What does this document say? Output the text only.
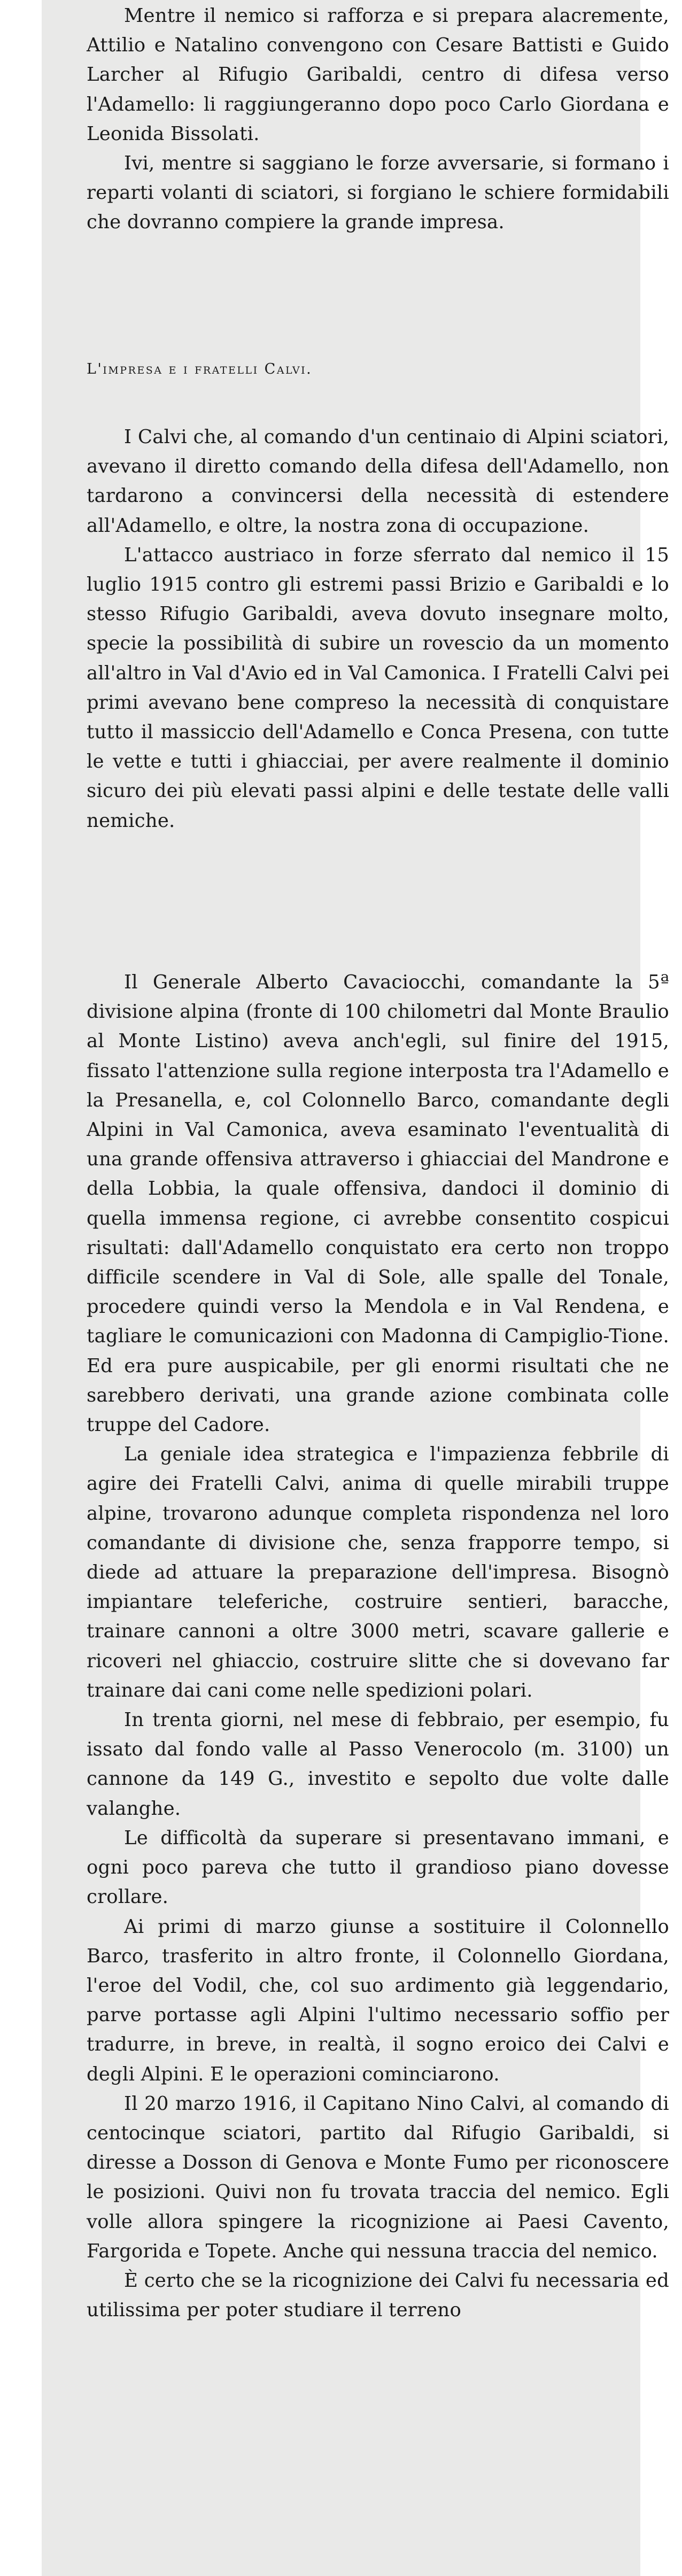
Mentre il nemico si rafforza e si prepara alacremente, Attilio e Natalino convengono con Cesare Battisti e Guido Larcher al Rifugio Garibaldi, centro di difesa verso l'Adamello: li raggiungeranno dopo poco Carlo Giordana e Leonida Bissolati.

Ivi, mentre si saggiano le forze avversarie, si formano i reparti volanti di sciatori, si forgiano le schiere formidabili che dovranno compiere la grande impresa.

L'impresa e i fratelli Calvi.

I Calvi che, al comando d'un centinaio di Alpini sciatori, avevano il diretto comando della difesa dell'Adamello, non tardarono a convincersi della necessità di estendere all'Adamello, e oltre, la nostra zona di occupazione.

L'attacco austriaco in forze sferrato dal nemico il 15 luglio 1915 contro gli estremi passi Brizio e Garibaldi e lo stesso Rifugio Garibaldi, aveva dovuto insegnare molto, specie la possibilità di subire un rovescio da un momento all'altro in Val d'Avio ed in Val Camonica. I Fratelli Calvi pei primi avevano bene compreso la necessità di conquistare tutto il massiccio dell'Adamello e Conca Presena, con tutte le vette e tutti i ghiacciai, per avere realmente il dominio sicuro dei più elevati passi alpini e delle testate delle valli nemiche.

Il Generale Alberto Cavaciocchi, comandante la 5ª divisione alpina (fronte di 100 chilometri dal Monte Braulio al Monte Listino) aveva anch'egli, sul finire del 1915, fissato l'attenzione sulla regione interposta tra l'Adamello e la Presanella, e, col Colonnello Barco, comandante degli Alpini in Val Camonica, aveva esaminato l'eventualità di una grande offensiva attraverso i ghiacciai del Mandrone e della Lobbia, la quale offensiva, dandoci il dominio di quella immensa regione, ci avrebbe consentito cospicui risultati: dall'Adamello conquistato era certo non troppo difficile scendere in Val di Sole, alle spalle del Tonale, procedere quindi verso la Mendola e in Val Rendena, e tagliare le comunicazioni con Madonna di Campiglio-Tione. Ed era pure auspicabile, per gli enormi risultati che ne sarebbero derivati, una grande azione combinata colle truppe del Cadore.

La geniale idea strategica e l'impazienza febbrile di agire dei Fratelli Calvi, anima di quelle mirabili truppe alpine, trovarono adunque completa rispondenza nel loro comandante di divisione che, senza frapporre tempo, si diede ad attuare la preparazione dell'impresa. Bisognò impiantare teleferiche, costruire sentieri, baracche, trainare cannoni a oltre 3000 metri, scavare gallerie e ricoveri nel ghiaccio, costruire slitte che si dovevano far trainare dai cani come nelle spedizioni polari.

In trenta giorni, nel mese di febbraio, per esempio, fu issato dal fondo valle al Passo Venerocolo (m. 3100) un cannone da 149 G., investito e sepolto due volte dalle valanghe.

Le difficoltà da superare si presentavano immani, e ogni poco pareva che tutto il grandioso piano dovesse crollare.

Ai primi di marzo giunse a sostituire il Colonnello Barco, trasferito in altro fronte, il Colonnello Giordana, l'eroe del Vodil, che, col suo ardimento già leggendario, parve portasse agli Alpini l'ultimo necessario soffio per tradurre, in breve, in realtà, il sogno eroico dei Calvi e degli Alpini. E le operazioni cominciarono.

Il 20 marzo 1916, il Capitano Nino Calvi, al comando di centocinque sciatori, partito dal Rifugio Garibaldi, si diresse a Dosson di Genova e Monte Fumo per riconoscere le posizioni. Quivi non fu trovata traccia del nemico. Egli volle allora spingere la ricognizione ai Paesi Cavento, Fargorida e Topete. Anche qui nessuna traccia del nemico.

È certo che se la ricognizione dei Calvi fu necessaria ed utilissima per poter studiare il terreno
